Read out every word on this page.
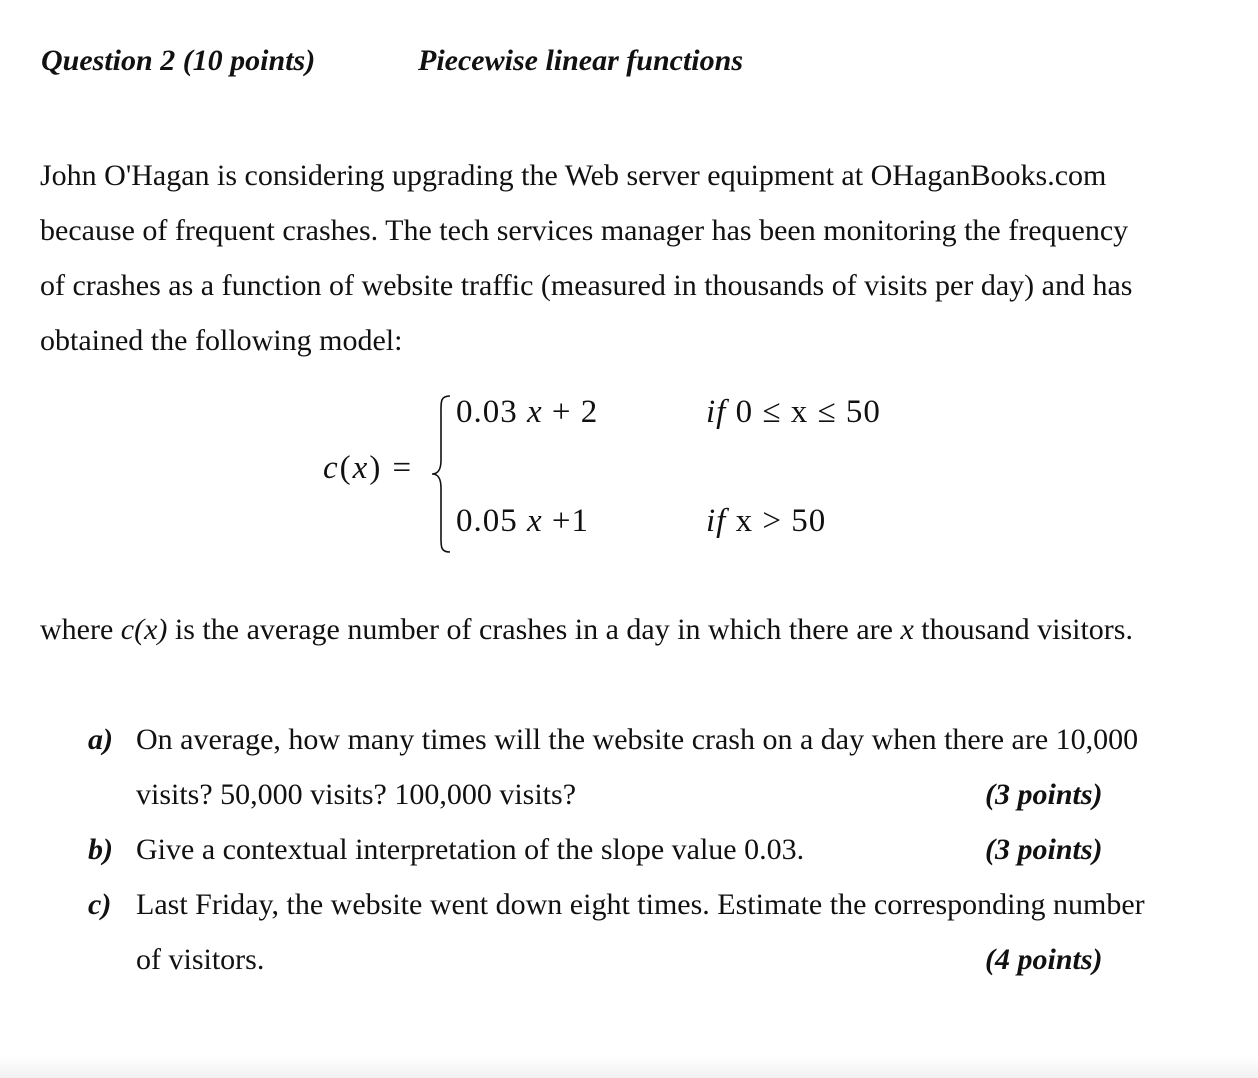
Question 2 (10 points)	Piecewise linear functions
John O'Hagan is considering upgrading the Web server equipment at OHaganBooks.com
because of frequent crashes. The tech services manager has been monitoring the frequency
of crashes as a function of website traffic (measured in thousands of visits per day) and has
obtained the following model:
c(x) =
0.03 x + 2	if 0 ≤ x ≤ 50
0.05 x +1	if x > 50
where c(x) is the average number of crashes in a day in which there are x thousand visitors.
a) On average, how many times will the website crash on a day when there are 10,000
visits? 50,000 visits? 100,000 visits?	(3 points)
b) Give a contextual interpretation of the slope value 0.03.	(3 points)
c) Last Friday, the website went down eight times. Estimate the corresponding number
of visitors.	(4 points)
